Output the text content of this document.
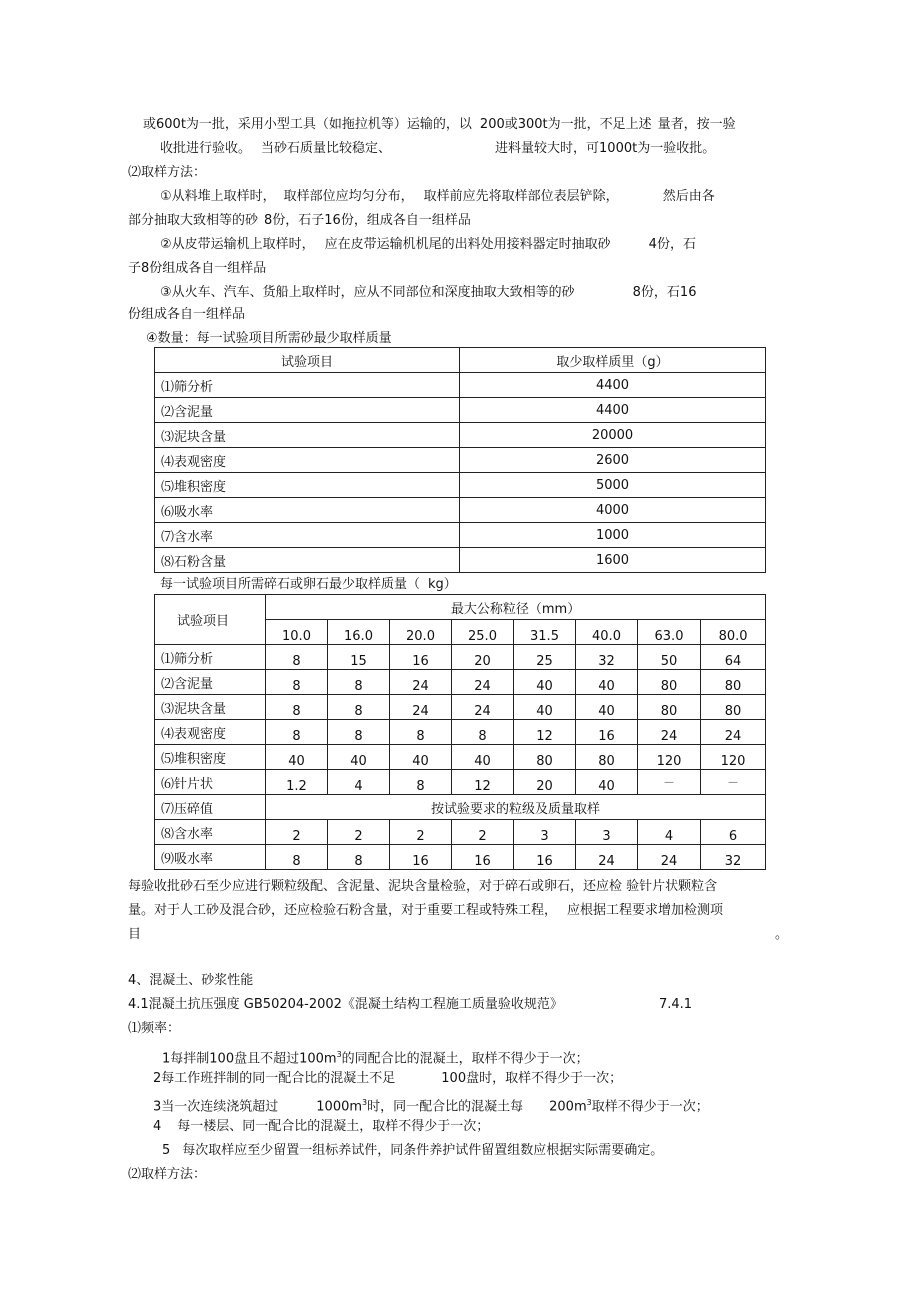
或600t为一批，采用小型工具（如拖拉机等）运输的，以 200或300t为一批，不足上述 量者，按一验
收批进行验收。 当砂石质量比较稳定、	进料量较大时，可1000t为一验收批。
⑵取样方法：
①从料堆上取样时， 取样部位应均匀分布， 取样前应先将取样部位表层铲除，	然后由各
部分抽取大致相等的砂 8份，石子16份，组成各自一组样品
②从皮带运输机上取样时， 应在皮带运输机机尾的出料处用接料器定时抽取砂	4份，石
子8份组成各自一组样品
③从火车、汽车、货船上取样时，应从不同部位和深度抽取大致相等的砂	8份，石16
份组成各自一组样品
④数量：每一试验项目所需砂最少取样质量
试验项目	取少取样质里（g）
⑴筛分析	4400
⑵含泥量	4400
⑶泥块含量	20000
⑷表观密度	2600
⑸堆积密度	5000
⑹吸水率	4000
⑺含水率	1000
⑻石粉含量	1600
每一试验项目所需碎石或卵石最少取样质量（ kg）
试验项目	最大公称粒径（mm）							
	10.0	16.0	20.0	25.0	31.5	40.0	63.0	80.0
⑴筛分析	8	15	16	20	25	32	50	64
⑵含泥量	8	8	24	24	40	40	80	80
⑶泥块含量	8	8	24	24	40	40	80	80
⑷表观密度	8	8	8	8	12	16	24	24
⑸堆积密度	40	40	40	40	80	80	120	120
⑹针片状	1.2	4	8	12	20	40	—	—
⑺压碎值	按试验要求的粒级及质量取样							
⑻含水率	2	2	2	2	3	3	4	6
⑼吸水率	8	8	16	16	16	24	24	32
每验收批砂石至少应进行颗粒级配、含泥量、泥块含量检验，对于碎石或卵石，还应检 验针片状颗粒含
量。对于人工砂及混合砂，还应检验石粉含量，对于重要工程或特殊工程， 应根据工程要求增加检测项
目	。
4、混凝土、砂浆性能
4.1混凝土抗压强度 GB50204-2002《混凝土结构工程施工质量验收规范》	7.4.1
⑴频率：
1每拌制100盘且不超过$100m^3$的同配合比的混凝土，取样不得少于一次；
2每工作班拌制的同一配合比的混凝土不足	100盘时，取样不得少于一次；
3当一次连续浇筑超过	$1000m^3$时，同一配合比的混凝土每 $200m^3$取样不得少于一次；
4 每一楼层、同一配合比的混凝土，取样不得少于一次；
5 每次取样应至少留置一组标养试件，同条件养护试件留置组数应根据实际需要确定。
⑵取样方法：
